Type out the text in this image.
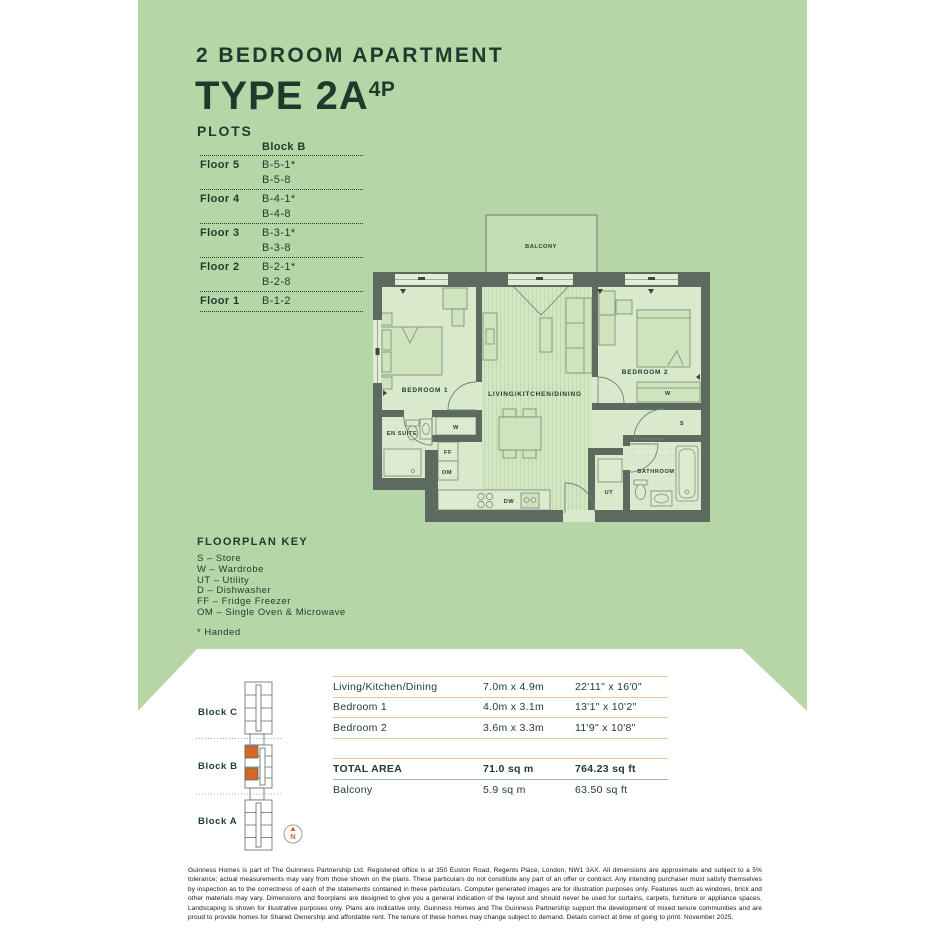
2 BEDROOM APARTMENT
TYPE $2A^{4P}$
PLOTS
Block B
Floor 5	B-5-1*
B-5-8
Floor 4	B-4-1*
B-4-8
Floor 3	B-3-1*
B-3-8
Floor 2	B-2-1*
B-2-8
Floor 1	B-1-2
BALCONY
BEDROOM 1
LIVING/KITCHEN/DINING
BEDROOM 2
EN SUITE
BATHROOM
W
W
S
UT
FF
OM
DW
FLOORPLAN KEY
S – Store
W – Wardrobe
UT – Utility
D – Dishwasher
FF – Fridge Freezer
OM – Single Oven & Microwave
* Handed
Block C
Block B
Block A
N
Living/Kitchen/Dining	7.0m x 4.9m	22'11" x 16'0"
Bedroom 1	4.0m x 3.1m	13'1" x 10'2"
Bedroom 2	3.6m x 3.3m	11'9" x 10'8"
TOTAL AREA	71.0 sq m	764.23 sq ft
Balcony	5.9 sq m	63.50 sq ft
Guinness Homes is part of The Guinness Partnership Ltd. Registered office is at 350 Euston Road, Regents Place, London, NW1 3AX. All dimensions are approximate and subject to a 5% tolerance; actual measurements may vary from those shown on the plans. These particulars do not constitute any part of an offer or contract. Any intending purchaser must satisfy themselves by inspection as to the correctness of each of the statements contained in these particulars. Computer generated images are for illustration purposes only. Features such as windows, brick and other materials may vary. Dimensions and floorplans are designed to give you a general indication of the layout and should never be used for curtains, carpets, furniture or appliance spaces. Landscaping is shown for illustrative purposes only. Plans are indicative only. Guinness Homes and The Guinness Partnership support the development of mixed tenure communities and are proud to provide homes for Shared Ownership and affordable rent. The tenure of these homes may change subject to demand. Details correct at time of going to print. November 2025.
